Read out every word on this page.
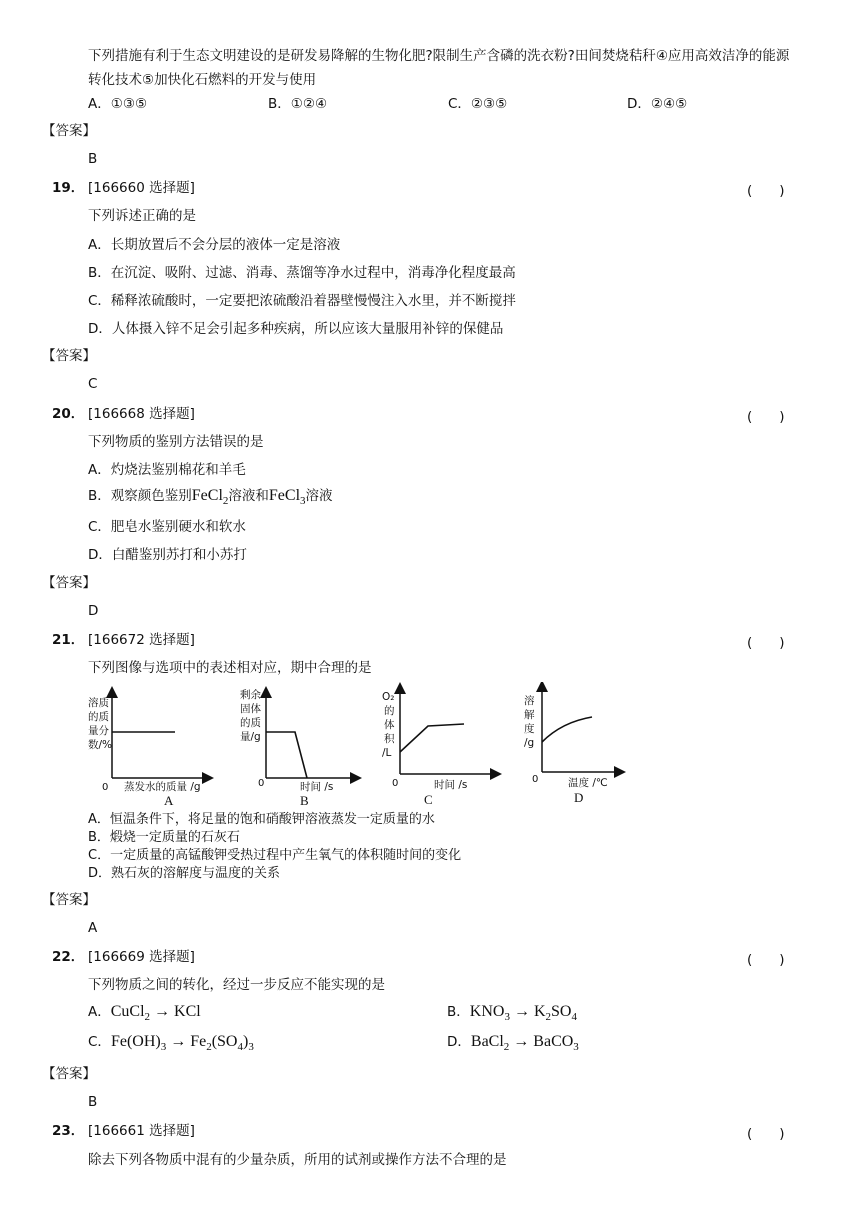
下列措施有利于生态文明建设的是研发易降解的生物化肥?限制生产含磷的洗衣粉?田间焚烧秸秆④应用高效洁净的能源
转化技术⑤加快化石燃料的开发与使用
A．①③⑤	B．①②④	C．②③⑤	D．②④⑤
【答案】
B
19． [166660 选择题]	(　　)
下列诉述正确的是
A．长期放置后不会分层的液体一定是溶液
B．在沉淀、吸附、过滤、消毒、蒸馏等净水过程中，消毒净化程度最高
C．稀释浓硫酸时，一定要把浓硫酸沿着器壁慢慢注入水里，并不断搅拌
D．人体摄入锌不足会引起多种疾病，所以应该大量服用补锌的保健品
【答案】
C
20． [166668 选择题]	(　　)
下列物质的鉴别方法错误的是
A．灼烧法鉴别棉花和羊毛
B．观察颜色鉴别FeCl$_2$溶液和FeCl$_3$溶液
C．肥皂水鉴别硬水和软水
D．白醋鉴别苏打和小苏打
【答案】
D
21． [166672 选择题]	(　　)
下列图像与选项中的表述相对应，期中合理的是
溶质
的质
量分
数/%
0 蒸发水的质量 /g
A
剩余
固体
的质
量/g
0	时间 /s
B
O₂
的
体
积
/L
0	时间 /s
C
溶
解
度
/g
0	温度 /℃
D
A．恒温条件下，将足量的饱和硝酸钾溶液蒸发一定质量的水
B．煅烧一定质量的石灰石
C．一定质量的高锰酸钾受热过程中产生氧气的体积随时间的变化
D．熟石灰的溶解度与温度的关系
【答案】
A
22． [166669 选择题]	(　　)
下列物质之间的转化，经过一步反应不能实现的是
A．CuCl$_2$ → KCl	B．$KNO_3 \to K_2SO_4$
C．$Fe(OH)_3 \to Fe_2(SO_4)_3$	D．BaCl$_2$ → BaCO$_3$
【答案】
B
23． [166661 选择题]	(　　)
除去下列各物质中混有的少量杂质，所用的试剂或操作方法不合理的是
